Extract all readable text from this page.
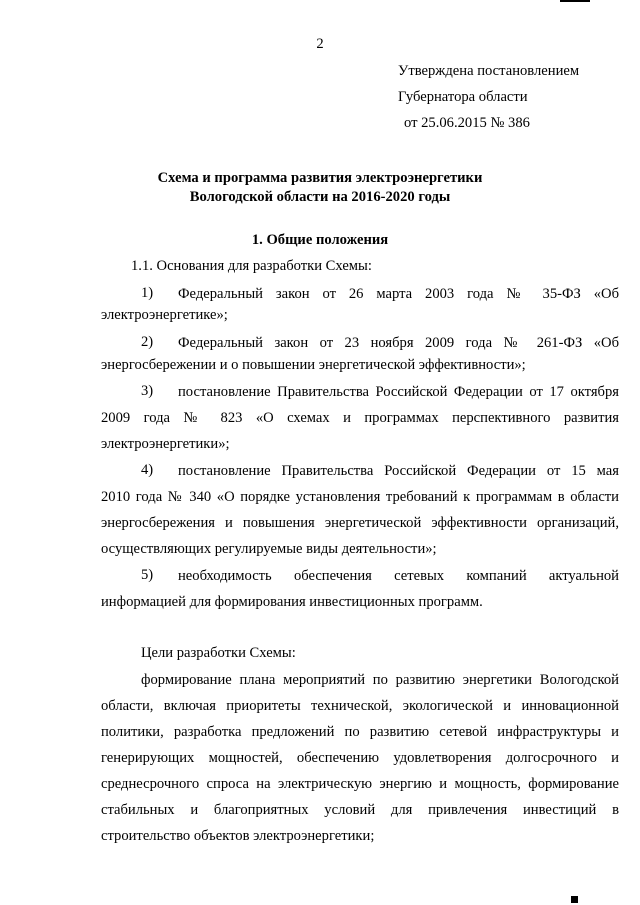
2
Утверждена постановлением
Губернатора области
от 25.06.2015 № 386
Схема и программа развития электроэнергетики
Вологодской области на 2016-2020 годы
1. Общие положения
1.1. Основания для разработки Схемы:
1) Федеральный закон от 26 марта 2003 года № 35-ФЗ «Об
электроэнергетике»;
2) Федеральный закон от 23 ноября 2009 года № 261-ФЗ «Об
энергосбережении и о повышении энергетической эффективности»;
3) постановление Правительства Российской Федерации от 17 октября
2009 года № 823 «О схемах и программах перспективного развития
электроэнергетики»;
4) постановление Правительства Российской Федерации от 15 мая
2010 года № 340 «О порядке установления требований к программам в области
энергосбережения и повышения энергетической эффективности организаций,
осуществляющих регулируемые виды деятельности»;
5) необходимость обеспечения сетевых компаний актуальной
информацией для формирования инвестиционных программ.
Цели разработки Схемы:
формирование плана мероприятий по развитию энергетики Вологодской
области, включая приоритеты технической, экологической и инновационной
политики, разработка предложений по развитию сетевой инфраструктуры и
генерирующих мощностей, обеспечению удовлетворения долгосрочного и
среднесрочного спроса на электрическую энергию и мощность, формирование
стабильных и благоприятных условий для привлечения инвестиций в
строительство объектов электроэнергетики;
